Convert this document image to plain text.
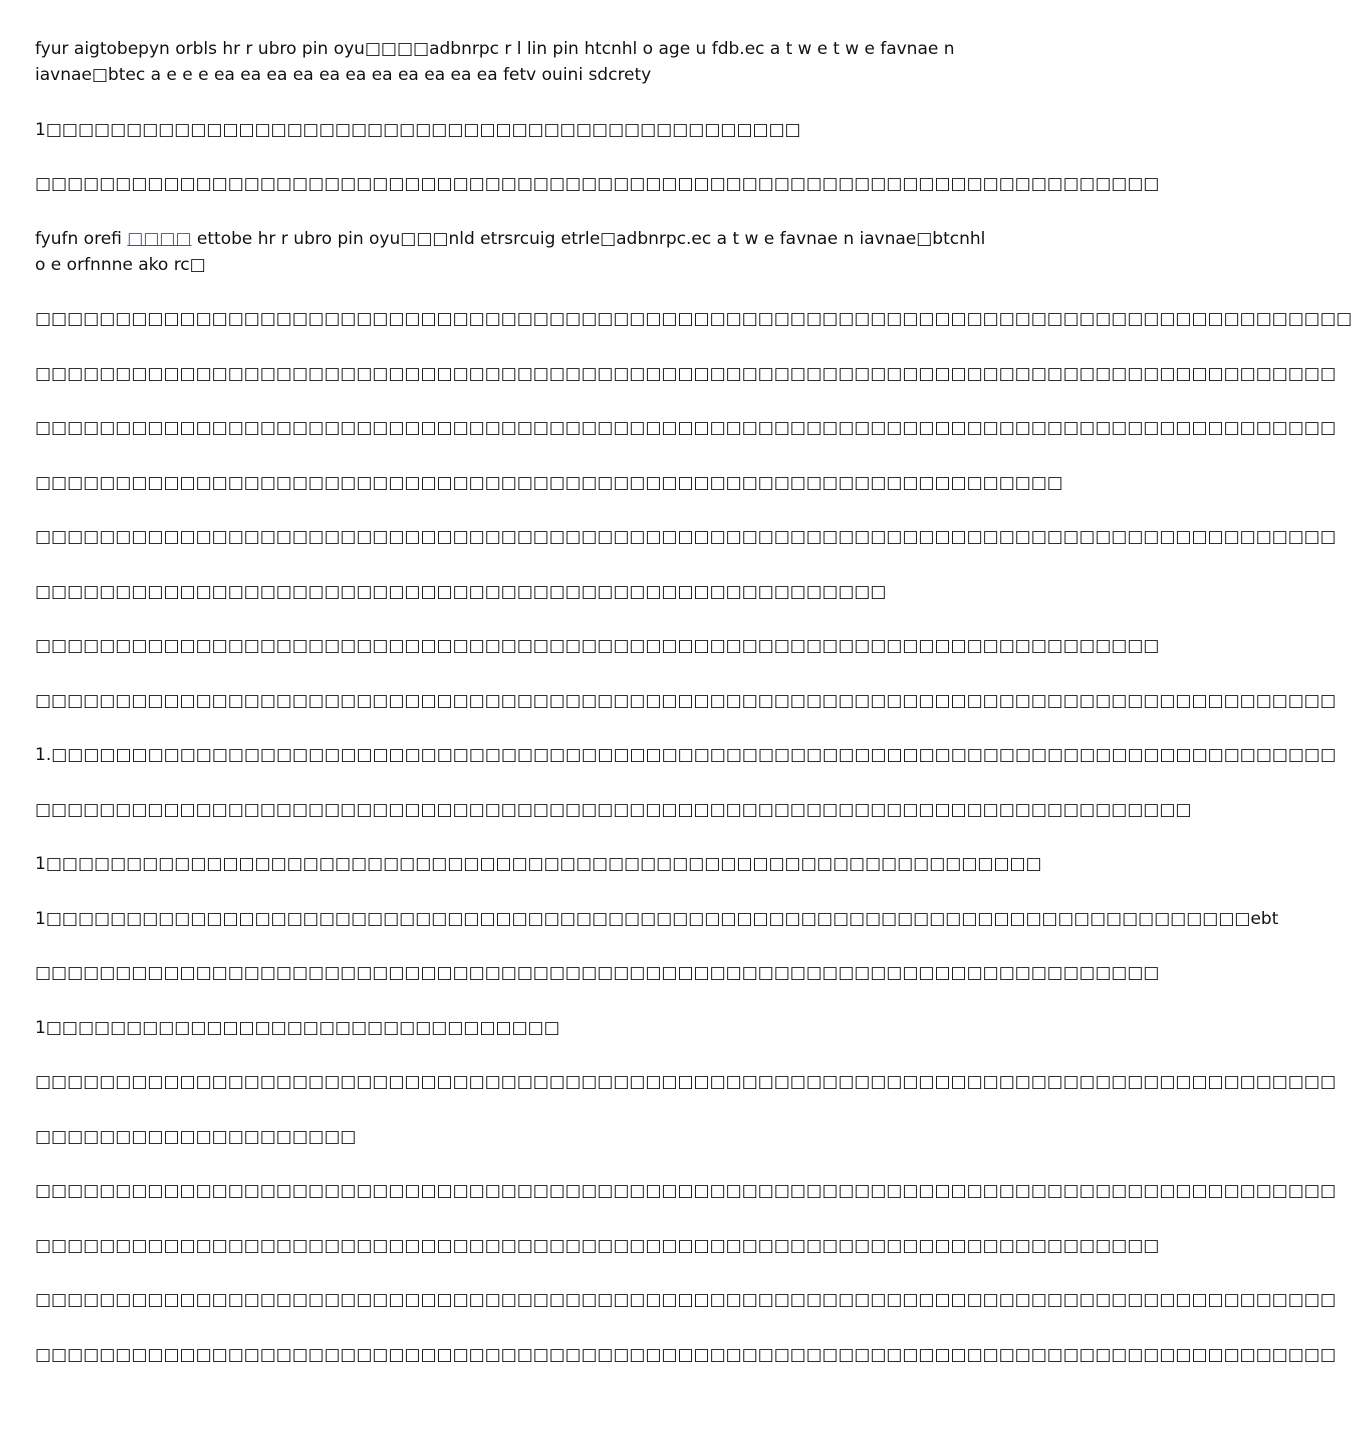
fyur aigtobepyn orbls hr r ubro pin oyu□□□□adbnrpc r l lin pin htcnhl o age u fdb.ec a t w e t w e favnae n iavnae□btec a e e e ea ea ea ea ea ea ea ea ea ea ea fetv ouini sdcrety

1□□□□□□□□□□□□□□□□□□□□□□□□□□□□□□□□□□□□□□□□□□□□□□□

□□□□□□□□□□□□□□□□□□□□□□□□□□□□□□□□□□□□□□□□□□□□□□□□□□□□□□□□□□□□□□□□□□□□□□

fyufn orefi □□□□ ettobe hr r ubro pin oyu□□□nld etrsrcuig etrle□adbnrpc.ec a t w e favnae n iavnae□btcnhl o e orfnnne ako rc□

□□□□□□□□□□□□□□□□□□□□□□□□□□□□□□□□□□□□□□□□□□□□□□□□□□□□□□□□□□□□□□□□□□□□□□□□□□□□□□□□□□

□□□□□□□□□□□□□□□□□□□□□□□□□□□□□□□□□□□□□□□□□□□□□□□□□□□□□□□□□□□□□□□□□□□□□□□□□□□□□□□□□

□□□□□□□□□□□□□□□□□□□□□□□□□□□□□□□□□□□□□□□□□□□□□□□□□□□□□□□□□□□□□□□□□□□□□□□□□□□□□□□□□

□□□□□□□□□□□□□□□□□□□□□□□□□□□□□□□□□□□□□□□□□□□□□□□□□□□□□□□□□□□□□□□□

□□□□□□□□□□□□□□□□□□□□□□□□□□□□□□□□□□□□□□□□□□□□□□□□□□□□□□□□□□□□□□□□□□□□□□□□□□□□□□□□□

□□□□□□□□□□□□□□□□□□□□□□□□□□□□□□□□□□□□□□□□□□□□□□□□□□□□□

□□□□□□□□□□□□□□□□□□□□□□□□□□□□□□□□□□□□□□□□□□□□□□□□□□□□□□□□□□□□□□□□□□□□□□

□□□□□□□□□□□□□□□□□□□□□□□□□□□□□□□□□□□□□□□□□□□□□□□□□□□□□□□□□□□□□□□□□□□□□□□□□□□□□□□□□

1.□□□□□□□□□□□□□□□□□□□□□□□□□□□□□□□□□□□□□□□□□□□□□□□□□□□□□□□□□□□□□□□□□□□□□□□□□□□□□□□□

□□□□□□□□□□□□□□□□□□□□□□□□□□□□□□□□□□□□□□□□□□□□□□□□□□□□□□□□□□□□□□□□□□□□□□□□

1□□□□□□□□□□□□□□□□□□□□□□□□□□□□□□□□□□□□□□□□□□□□□□□□□□□□□□□□□□□□□□

1□□□□□□□□□□□□□□□□□□□□□□□□□□□□□□□□□□□□□□□□□□□□□□□□□□□□□□□□□□□□□□□□□□□□□□□□□□□ebt

□□□□□□□□□□□□□□□□□□□□□□□□□□□□□□□□□□□□□□□□□□□□□□□□□□□□□□□□□□□□□□□□□□□□□□

1□□□□□□□□□□□□□□□□□□□□□□□□□□□□□□□□

□□□□□□□□□□□□□□□□□□□□□□□□□□□□□□□□□□□□□□□□□□□□□□□□□□□□□□□□□□□□□□□□□□□□□□□□□□□□□□□□□

□□□□□□□□□□□□□□□□□□□□

□□□□□□□□□□□□□□□□□□□□□□□□□□□□□□□□□□□□□□□□□□□□□□□□□□□□□□□□□□□□□□□□□□□□□□□□□□□□□□□□□

□□□□□□□□□□□□□□□□□□□□□□□□□□□□□□□□□□□□□□□□□□□□□□□□□□□□□□□□□□□□□□□□□□□□□□

□□□□□□□□□□□□□□□□□□□□□□□□□□□□□□□□□□□□□□□□□□□□□□□□□□□□□□□□□□□□□□□□□□□□□□□□□□□□□□□□□

□□□□□□□□□□□□□□□□□□□□□□□□□□□□□□□□□□□□□□□□□□□□□□□□□□□□□□□□□□□□□□□□□□□□□□□□□□□□□□□□□
